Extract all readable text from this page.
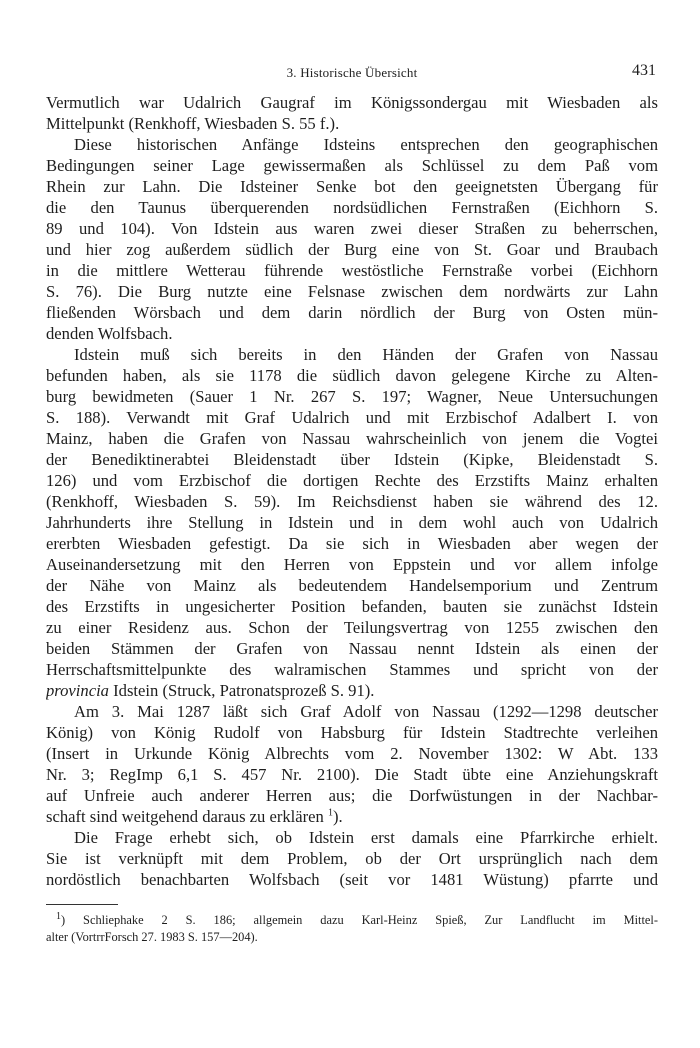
3. Historische Übersicht	431
Vermutlich war Udalrich Gaugraf im Königssondergau mit Wiesbaden als
Mittelpunkt (Renkhoff, Wiesbaden S. 55 f.).
Diese historischen Anfänge Idsteins entsprechen den geographischen
Bedingungen seiner Lage gewissermaßen als Schlüssel zu dem Paß vom
Rhein zur Lahn. Die Idsteiner Senke bot den geeignetsten Übergang für
die den Taunus überquerenden nordsüdlichen Fernstraßen (Eichhorn S.
89 und 104). Von Idstein aus waren zwei dieser Straßen zu beherrschen,
und hier zog außerdem südlich der Burg eine von St. Goar und Braubach
in die mittlere Wetterau führende westöstliche Fernstraße vorbei (Eichhorn
S. 76). Die Burg nutzte eine Felsnase zwischen dem nordwärts zur Lahn
fließenden Wörsbach und dem darin nördlich der Burg von Osten mün-
denden Wolfsbach.
Idstein muß sich bereits in den Händen der Grafen von Nassau
befunden haben, als sie 1178 die südlich davon gelegene Kirche zu Alten-
burg bewidmeten (Sauer 1 Nr. 267 S. 197; Wagner, Neue Untersuchungen
S. 188). Verwandt mit Graf Udalrich und mit Erzbischof Adalbert I. von
Mainz, haben die Grafen von Nassau wahrscheinlich von jenem die Vogtei
der Benediktinerabtei Bleidenstadt über Idstein (Kipke, Bleidenstadt S.
126) und vom Erzbischof die dortigen Rechte des Erzstifts Mainz erhalten
(Renkhoff, Wiesbaden S. 59). Im Reichsdienst haben sie während des 12.
Jahrhunderts ihre Stellung in Idstein und in dem wohl auch von Udalrich
ererbten Wiesbaden gefestigt. Da sie sich in Wiesbaden aber wegen der
Auseinandersetzung mit den Herren von Eppstein und vor allem infolge
der Nähe von Mainz als bedeutendem Handelsemporium und Zentrum
des Erzstifts in ungesicherter Position befanden, bauten sie zunächst Idstein
zu einer Residenz aus. Schon der Teilungsvertrag von 1255 zwischen den
beiden Stämmen der Grafen von Nassau nennt Idstein als einen der
Herrschaftsmittelpunkte des walramischen Stammes und spricht von der
provincia Idstein (Struck, Patronatsprozeß S. 91).
Am 3. Mai 1287 läßt sich Graf Adolf von Nassau (1292—1298 deutscher
König) von König Rudolf von Habsburg für Idstein Stadtrechte verleihen
(Insert in Urkunde König Albrechts vom 2. November 1302: W Abt. 133
Nr. 3; RegImp 6,1 S. 457 Nr. 2100). Die Stadt übte eine Anziehungskraft
auf Unfreie auch anderer Herren aus; die Dorfwüstungen in der Nachbar-
schaft sind weitgehend daraus zu erklären $^1$).
Die Frage erhebt sich, ob Idstein erst damals eine Pfarrkirche erhielt.
Sie ist verknüpft mit dem Problem, ob der Ort ursprünglich nach dem
nordöstlich benachbarten Wolfsbach (seit vor 1481 Wüstung) pfarrte und
$^1$) Schliephake 2 S. 186; allgemein dazu Karl-Heinz Spieß, Zur Landflucht im Mittel-
alter (VortrrForsch 27. 1983 S. 157—204).
